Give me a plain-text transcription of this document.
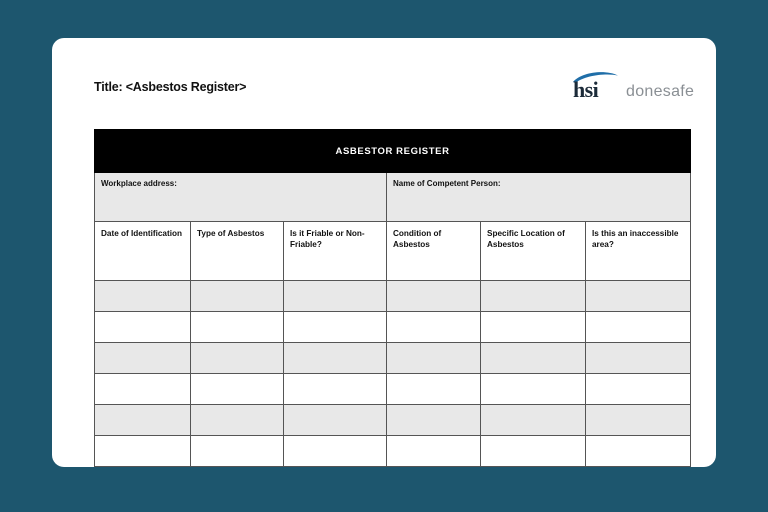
Title: <Asbestos Register>	hsi donesafe
ASBESTOR REGISTER					
Workplace address:			Name of Competent Person:		
Date of Identification	Type of Asbestos	Is it Friable or Non-Friable?	Condition of Asbestos	Specific Location of Asbestos	Is this an inaccessible area?
